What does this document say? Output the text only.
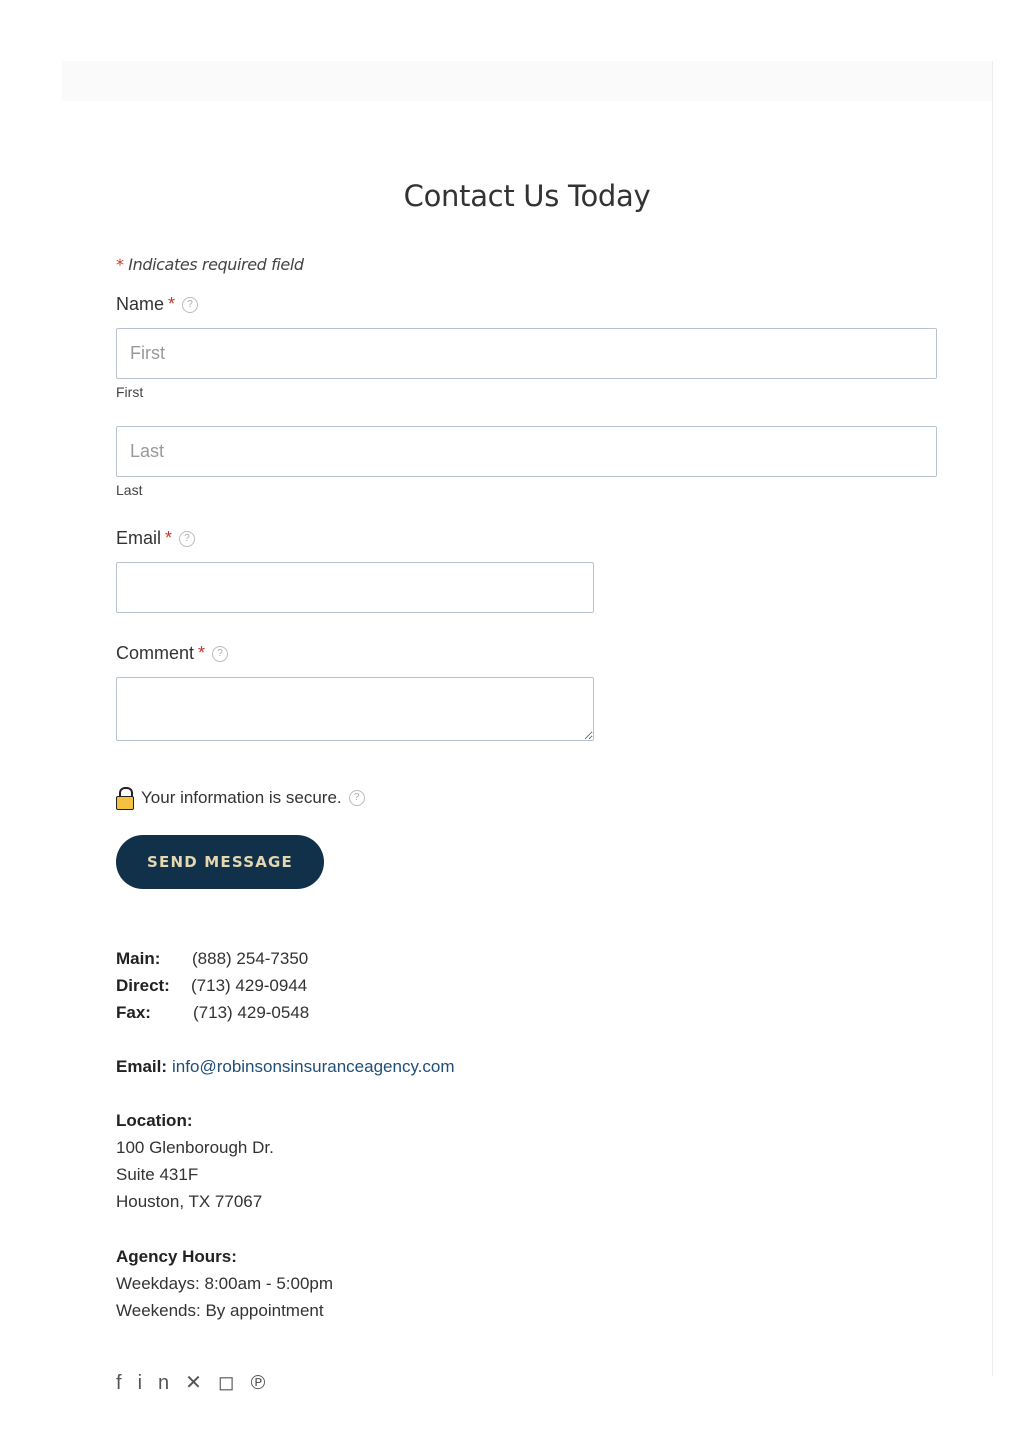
Contact Us Today
* Indicates required field
Name *	?
First
First
Last
Last
Email *	?
Comment *	?
Your information is secure.	?
SEND MESSAGE
Main: (888) 254-7350
Direct: (713) 429-0944
Fax: (713) 429-0548
Email: info@robinsonsinsuranceagency.com
Location:
100 Glenborough Dr.
Suite 431F
Houston, TX 77067
Agency Hours:
Weekdays: 8:00am - 5:00pm
Weekends: By appointment
fin✕◻℗
